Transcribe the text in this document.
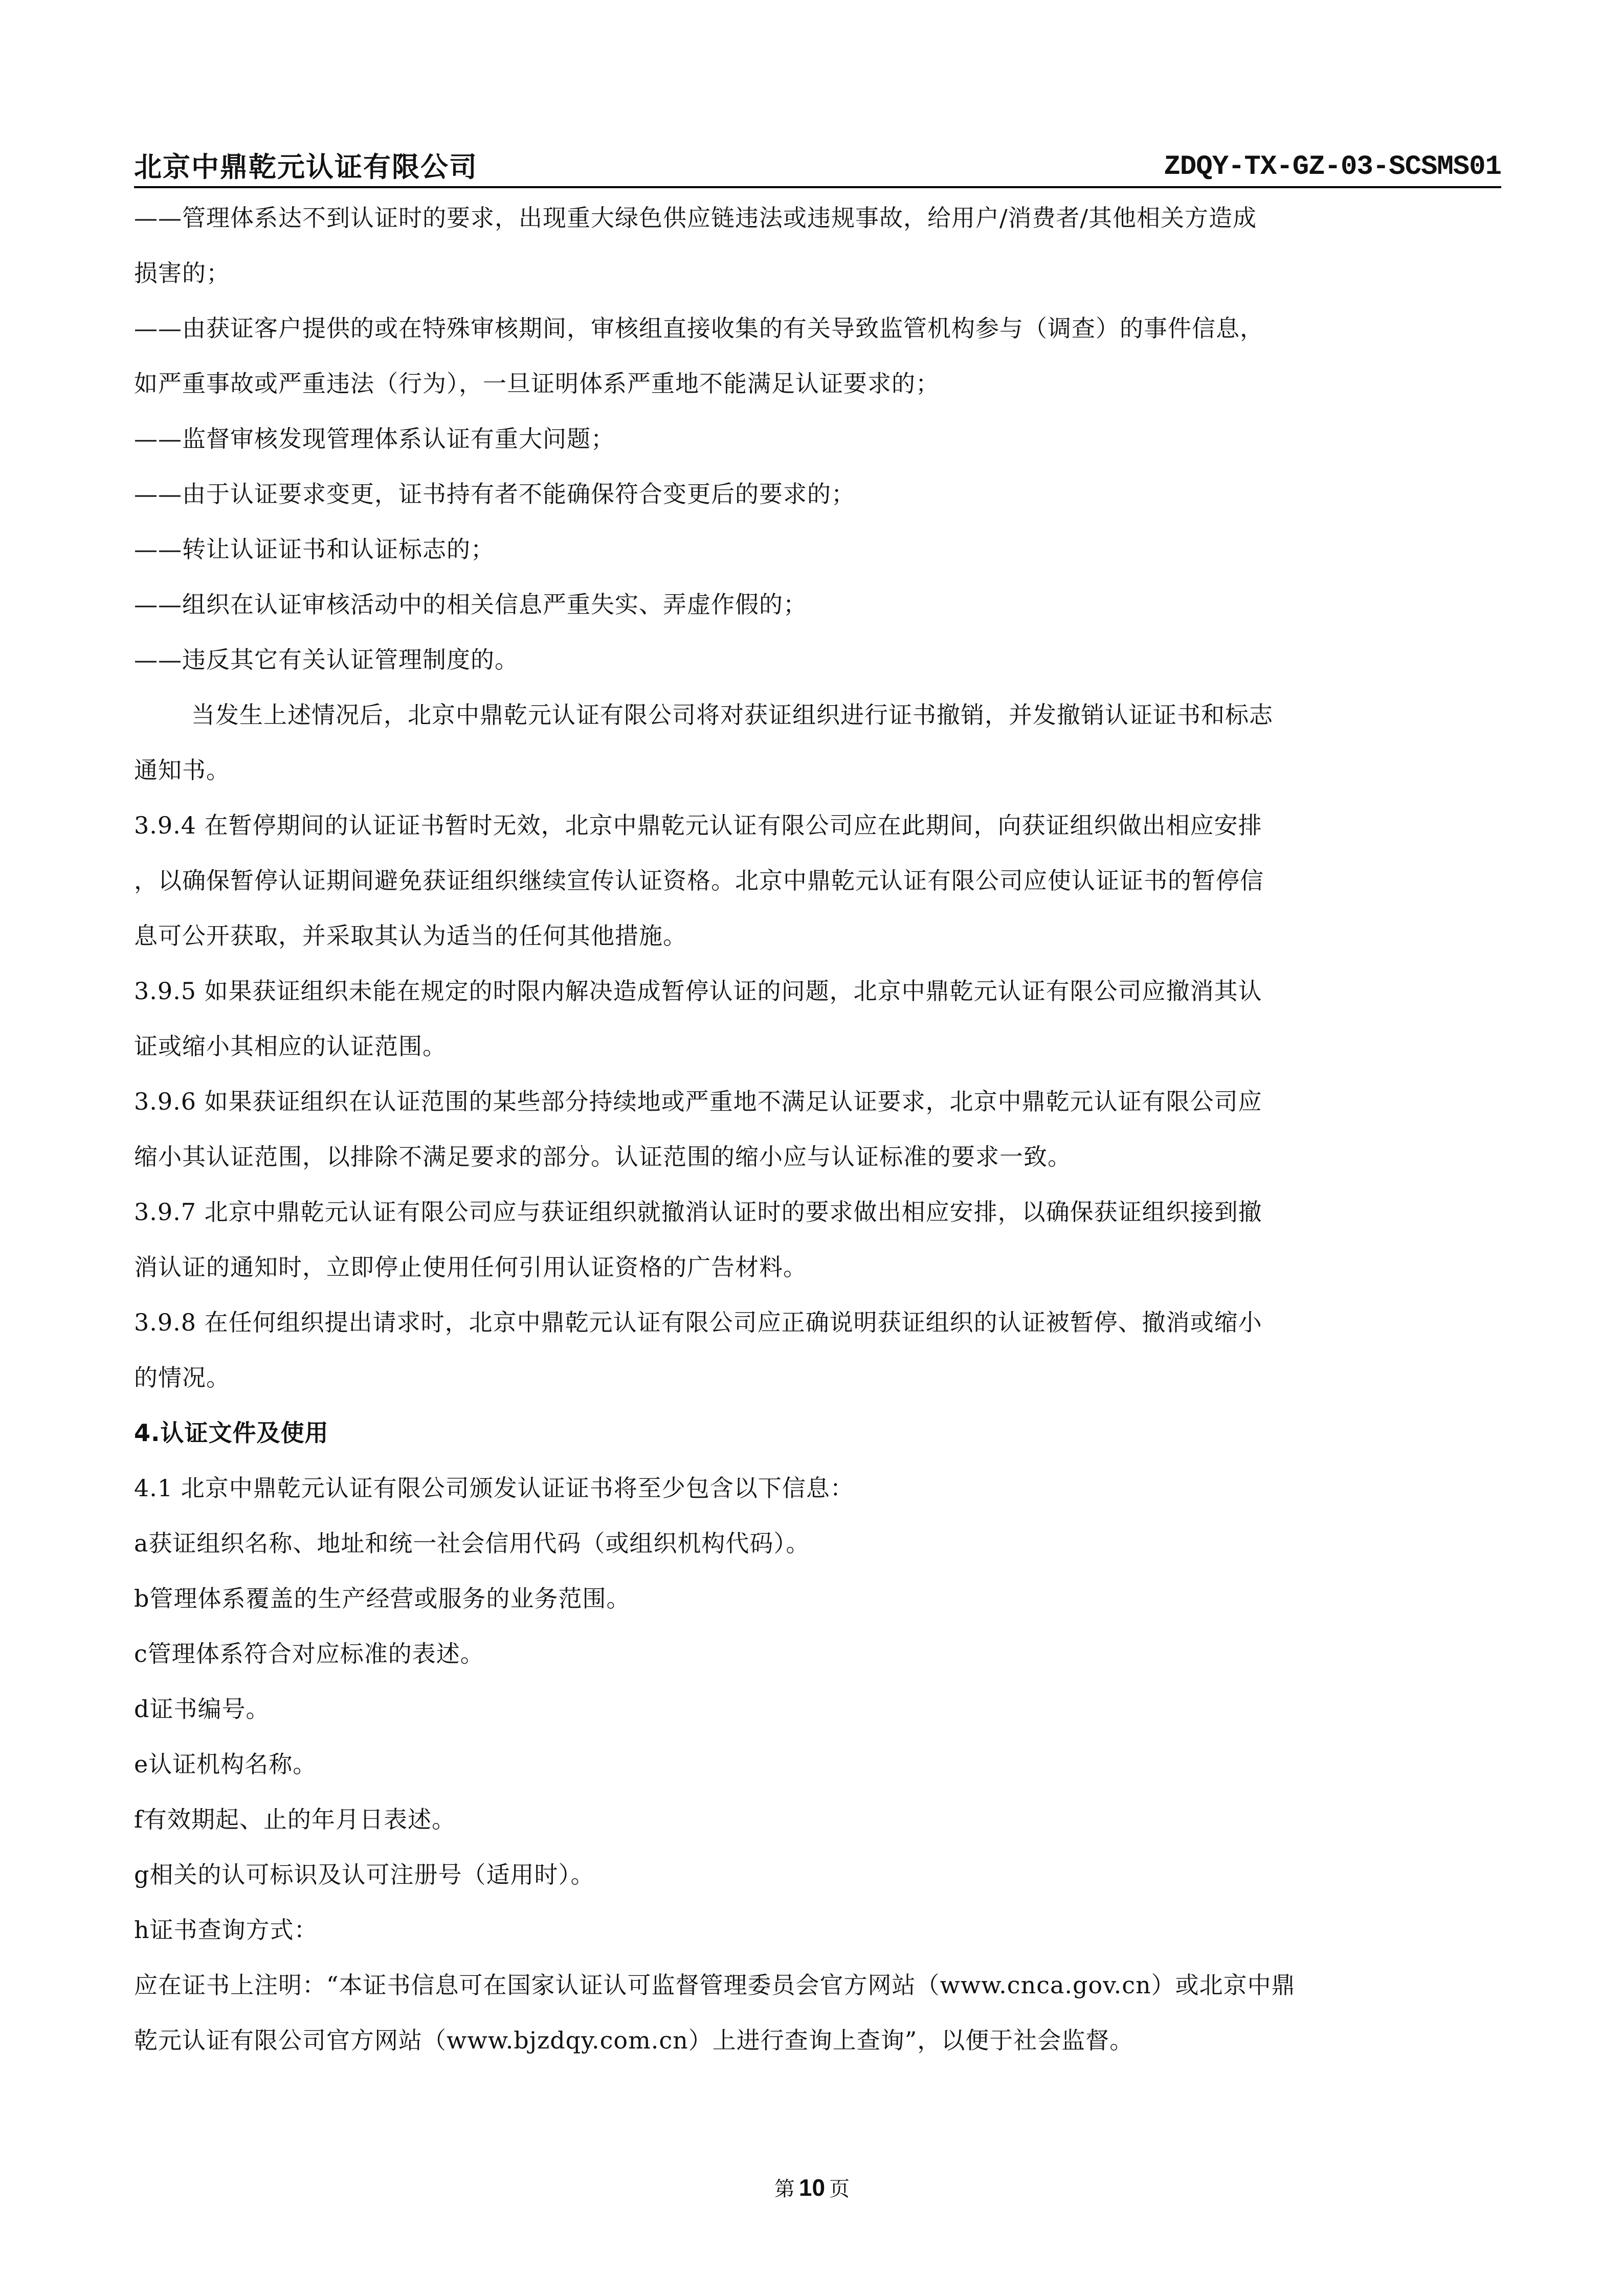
北京中鼎乾元认证有限公司	ZDQY-TX-GZ-03-SCSMS01
——管理体系达不到认证时的要求，出现重大绿色供应链违法或违规事故，给用户/消费者/其他相关方造成
损害的；
——由获证客户提供的或在特殊审核期间，审核组直接收集的有关导致监管机构参与（调查）的事件信息，
如严重事故或严重违法（行为），一旦证明体系严重地不能满足认证要求的；
——监督审核发现管理体系认证有重大问题；
——由于认证要求变更，证书持有者不能确保符合变更后的要求的；
——转让认证证书和认证标志的；
——组织在认证审核活动中的相关信息严重失实、弄虚作假的；
——违反其它有关认证管理制度的。
当发生上述情况后，北京中鼎乾元认证有限公司将对获证组织进行证书撤销，并发撤销认证证书和标志
通知书。
3.9.4 在暂停期间的认证证书暂时无效，北京中鼎乾元认证有限公司应在此期间，向获证组织做出相应安排
，以确保暂停认证期间避免获证组织继续宣传认证资格。北京中鼎乾元认证有限公司应使认证证书的暂停信
息可公开获取，并采取其认为适当的任何其他措施。
3.9.5 如果获证组织未能在规定的时限内解决造成暂停认证的问题，北京中鼎乾元认证有限公司应撤消其认
证或缩小其相应的认证范围。
3.9.6 如果获证组织在认证范围的某些部分持续地或严重地不满足认证要求，北京中鼎乾元认证有限公司应
缩小其认证范围，以排除不满足要求的部分。认证范围的缩小应与认证标准的要求一致。
3.9.7 北京中鼎乾元认证有限公司应与获证组织就撤消认证时的要求做出相应安排，以确保获证组织接到撤
消认证的通知时，立即停止使用任何引用认证资格的广告材料。
3.9.8 在任何组织提出请求时，北京中鼎乾元认证有限公司应正确说明获证组织的认证被暂停、撤消或缩小
的情况。
4.认证文件及使用
4.1 北京中鼎乾元认证有限公司颁发认证证书将至少包含以下信息：
a获证组织名称、地址和统一社会信用代码（或组织机构代码）。
b管理体系覆盖的生产经营或服务的业务范围。
c管理体系符合对应标准的表述。
d证书编号。
e认证机构名称。
f有效期起、止的年月日表述。
g相关的认可标识及认可注册号（适用时）。
h证书查询方式：
应在证书上注明：“本证书信息可在国家认证认可监督管理委员会官方网站（www.cnca.gov.cn）或北京中鼎
乾元认证有限公司官方网站（www.bjzdqy.com.cn）上进行查询上查询”，以便于社会监督。
第 10 页
